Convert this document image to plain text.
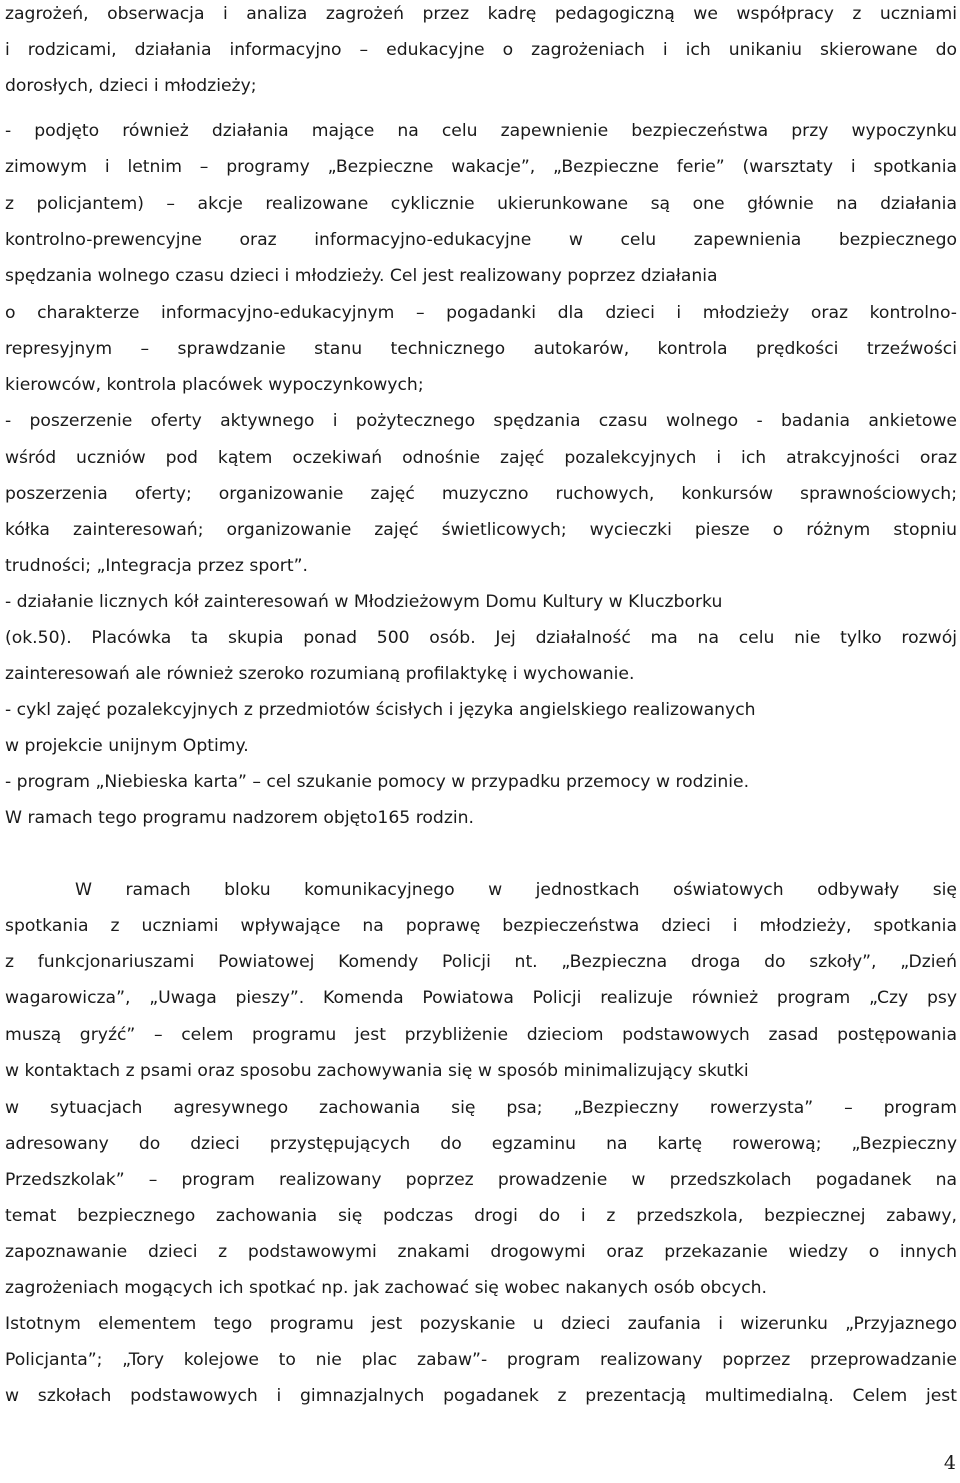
zagrożeń, obserwacja i analiza zagrożeń przez kadrę pedagogiczną we współpracy z uczniami

i rodzicami, działania informacyjno – edukacyjne o zagrożeniach i ich unikaniu skierowane do

dorosłych, dzieci i młodzieży;

- podjęto również działania mające na celu zapewnienie bezpieczeństwa przy wypoczynku

zimowym i letnim – programy „Bezpieczne wakacje”, „Bezpieczne ferie” (warsztaty i spotkania

z policjantem) – akcje realizowane cyklicznie ukierunkowane są one głównie na działania

kontrolno-prewencyjne oraz informacyjno-edukacyjne w celu zapewnienia bezpiecznego

spędzania wolnego czasu dzieci i młodzieży. Cel jest realizowany poprzez działania

o charakterze informacyjno-edukacyjnym – pogadanki dla dzieci i młodzieży oraz kontrolno-

represyjnym – sprawdzanie stanu technicznego autokarów, kontrola prędkości trzeźwości

kierowców, kontrola placówek wypoczynkowych;

- poszerzenie oferty aktywnego i pożytecznego spędzania czasu wolnego - badania ankietowe

wśród uczniów pod kątem oczekiwań odnośnie zajęć pozalekcyjnych i ich atrakcyjności oraz

poszerzenia oferty; organizowanie zajęć muzyczno ruchowych, konkursów sprawnościowych;

kółka zainteresowań; organizowanie zajęć świetlicowych; wycieczki piesze o różnym stopniu

trudności; „Integracja przez sport”.

- działanie licznych kół zainteresowań w Młodzieżowym Domu Kultury w Kluczborku

(ok.50). Placówka ta skupia ponad 500 osób. Jej działalność ma na celu nie tylko rozwój

zainteresowań ale również szeroko rozumianą profilaktykę i wychowanie.

- cykl zajęć pozalekcyjnych z przedmiotów ścisłych i języka angielskiego realizowanych

w projekcie unijnym Optimy.

- program „Niebieska karta” – cel szukanie pomocy w przypadku przemocy w rodzinie.

W ramach tego programu nadzorem objęto165 rodzin.

W ramach bloku komunikacyjnego w jednostkach oświatowych odbywały się

spotkania z uczniami wpływające na poprawę bezpieczeństwa dzieci i młodzieży, spotkania

z funkcjonariuszami Powiatowej Komendy Policji nt. „Bezpieczna droga do szkoły”, „Dzień

wagarowicza”, „Uwaga pieszy”. Komenda Powiatowa Policji realizuje również program „Czy psy

muszą gryźć” – celem programu jest przybliżenie dzieciom podstawowych zasad postępowania

w kontaktach z psami oraz sposobu zachowywania się w sposób minimalizujący skutki

w sytuacjach agresywnego zachowania się psa; „Bezpieczny rowerzysta” – program

adresowany do dzieci przystępujących do egzaminu na kartę rowerową; „Bezpieczny

Przedszkolak” – program realizowany poprzez prowadzenie w przedszkolach pogadanek na

temat bezpiecznego zachowania się podczas drogi do i z przedszkola, bezpiecznej zabawy,

zapoznawanie dzieci z podstawowymi znakami drogowymi oraz przekazanie wiedzy o innych

zagrożeniach mogących ich spotkać np. jak zachować się wobec nakanych osób obcych.

Istotnym elementem tego programu jest pozyskanie u dzieci zaufania i wizerunku „Przyjaznego

Policjanta”; „Tory kolejowe to nie plac zabaw”- program realizowany poprzez przeprowadzanie

w szkołach podstawowych i gimnazjalnych pogadanek z prezentacją multimedialną. Celem jest

4
